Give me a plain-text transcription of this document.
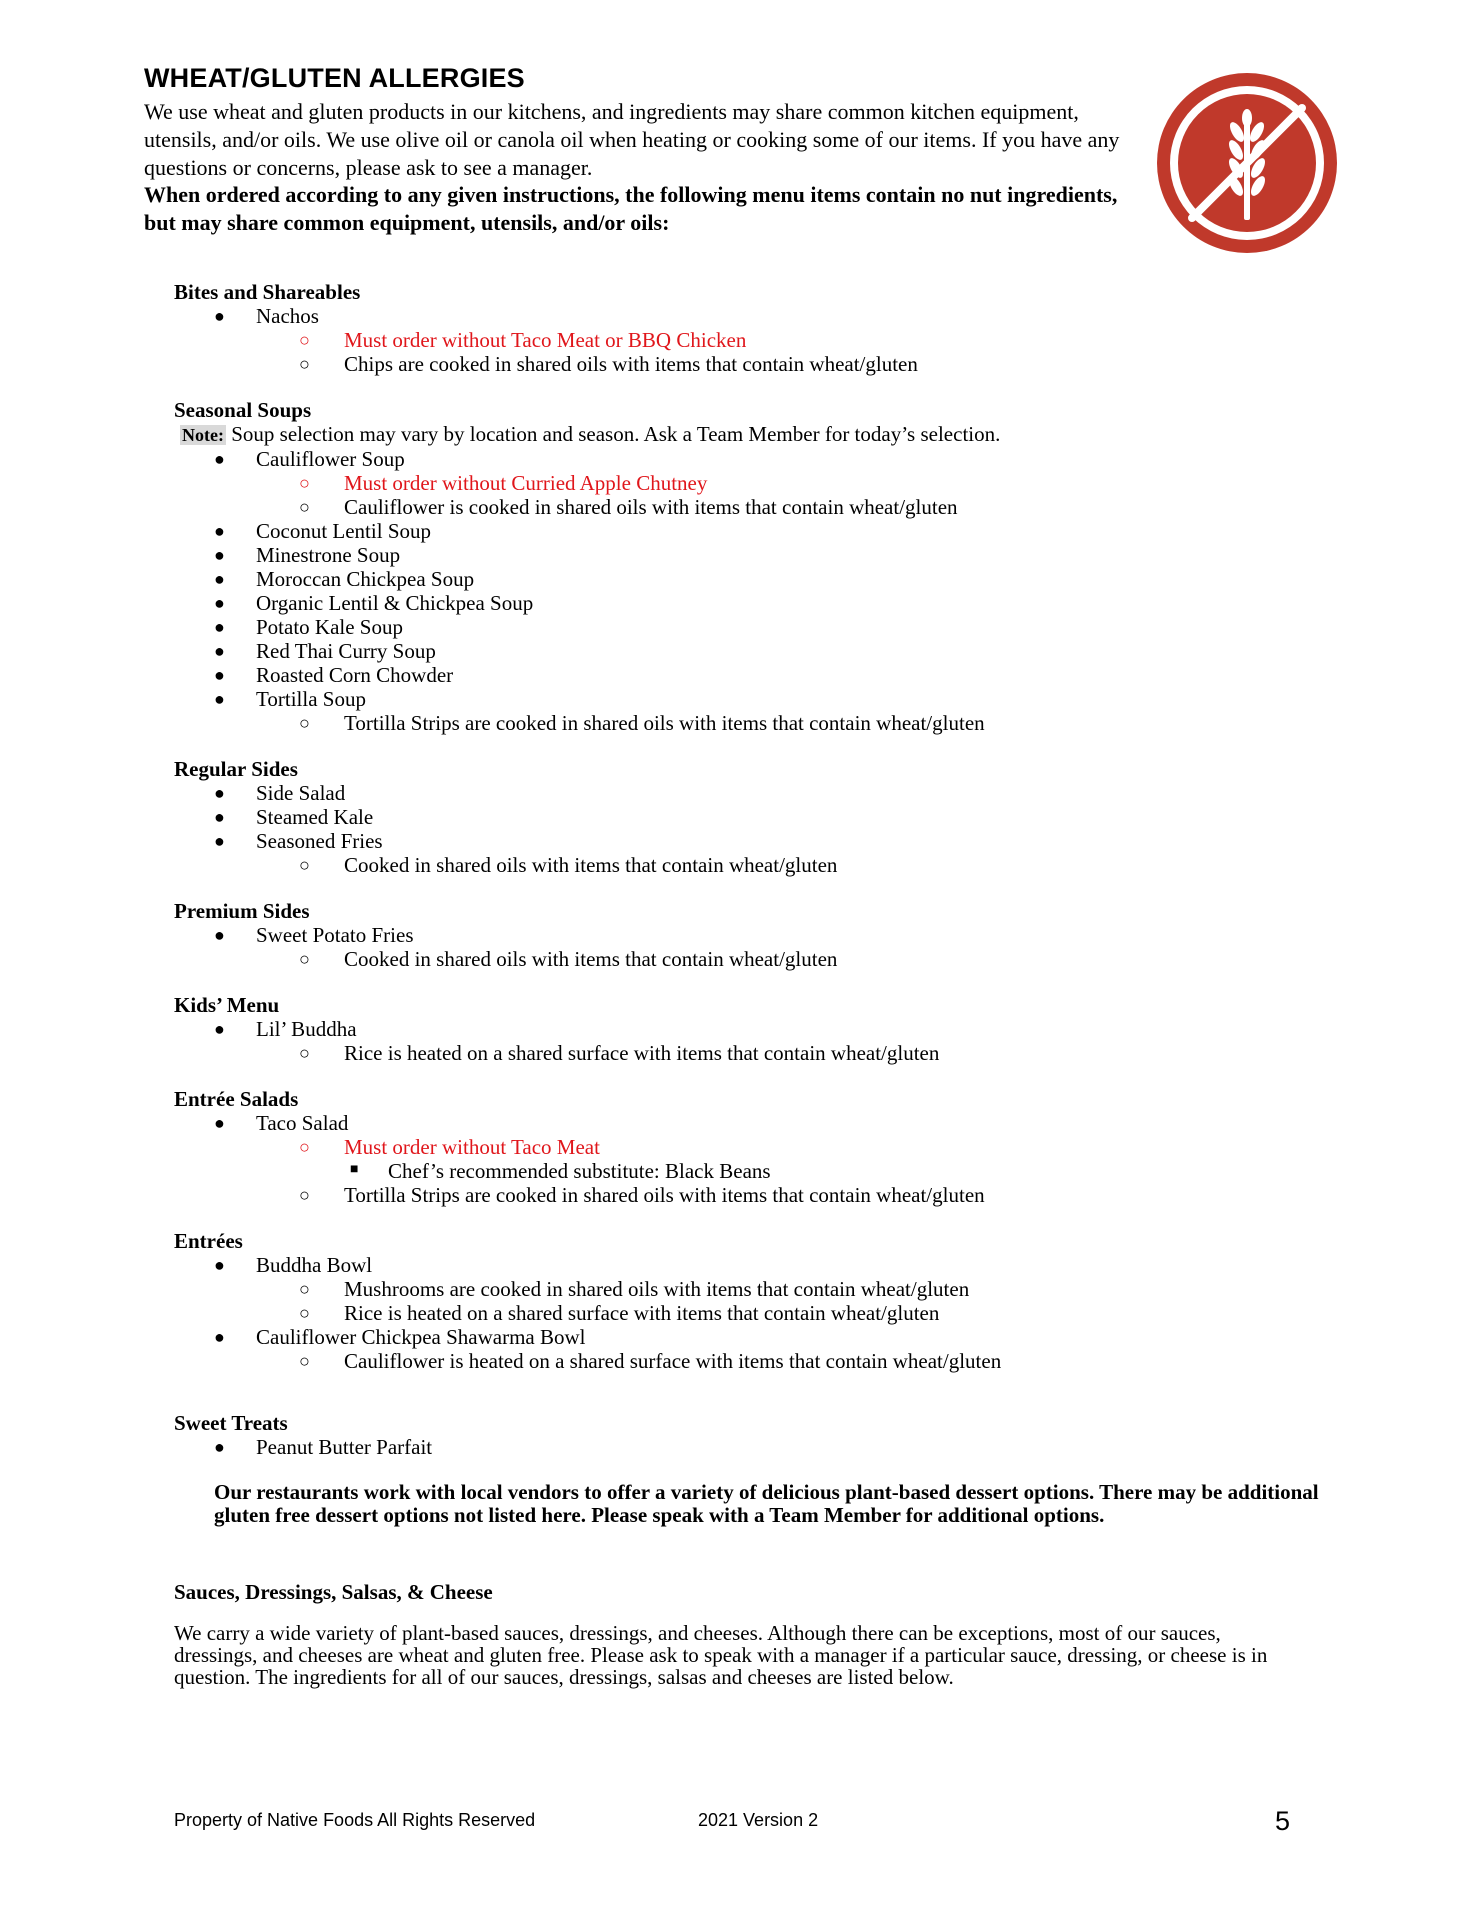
WHEAT/GLUTEN ALLERGIES

We use wheat and gluten products in our kitchens, and ingredients may share common kitchen equipment, utensils, and/or oils. We use olive oil or canola oil when heating or cooking some of our items. If you have any questions or concerns, please ask to see a manager.

When ordered according to any given instructions, the following menu items contain no nut ingredients, but may share common equipment, utensils, and/or oils:

Bites and Shareables
● Nachos
○ Must order without Taco Meat or BBQ Chicken
○ Chips are cooked in shared oils with items that contain wheat/gluten
Seasonal Soups
Note: Soup selection may vary by location and season. Ask a Team Member for today’s selection.
● Cauliflower Soup
○ Must order without Curried Apple Chutney
○ Cauliflower is cooked in shared oils with items that contain wheat/gluten
● Coconut Lentil Soup
● Minestrone Soup
● Moroccan Chickpea Soup
● Organic Lentil & Chickpea Soup
● Potato Kale Soup
● Red Thai Curry Soup
● Roasted Corn Chowder
● Tortilla Soup
○ Tortilla Strips are cooked in shared oils with items that contain wheat/gluten
Regular Sides
● Side Salad
● Steamed Kale
● Seasoned Fries
○ Cooked in shared oils with items that contain wheat/gluten
Premium Sides
● Sweet Potato Fries
○ Cooked in shared oils with items that contain wheat/gluten
Kids’ Menu
● Lil’ Buddha
○ Rice is heated on a shared surface with items that contain wheat/gluten
Entrée Salads
● Taco Salad
○ Must order without Taco Meat
■ Chef’s recommended substitute: Black Beans
○ Tortilla Strips are cooked in shared oils with items that contain wheat/gluten
Entrées
● Buddha Bowl
○ Mushrooms are cooked in shared oils with items that contain wheat/gluten
○ Rice is heated on a shared surface with items that contain wheat/gluten
● Cauliflower Chickpea Shawarma Bowl
○ Cauliflower is heated on a shared surface with items that contain wheat/gluten
Sweet Treats
● Peanut Butter Parfait

Our restaurants work with local vendors to offer a variety of delicious plant-based dessert options. There may be additional gluten free dessert options not listed here. Please speak with a Team Member for additional options.

Sauces, Dressings, Salsas, & Cheese

We carry a wide variety of plant-based sauces, dressings, and cheeses. Although there can be exceptions, most of our sauces, dressings, and cheeses are wheat and gluten free. Please ask to speak with a manager if a particular sauce, dressing, or cheese is in question. The ingredients for all of our sauces, dressings, salsas and cheeses are listed below.

Property of Native Foods All Rights Reserved	2021 Version 2	5
